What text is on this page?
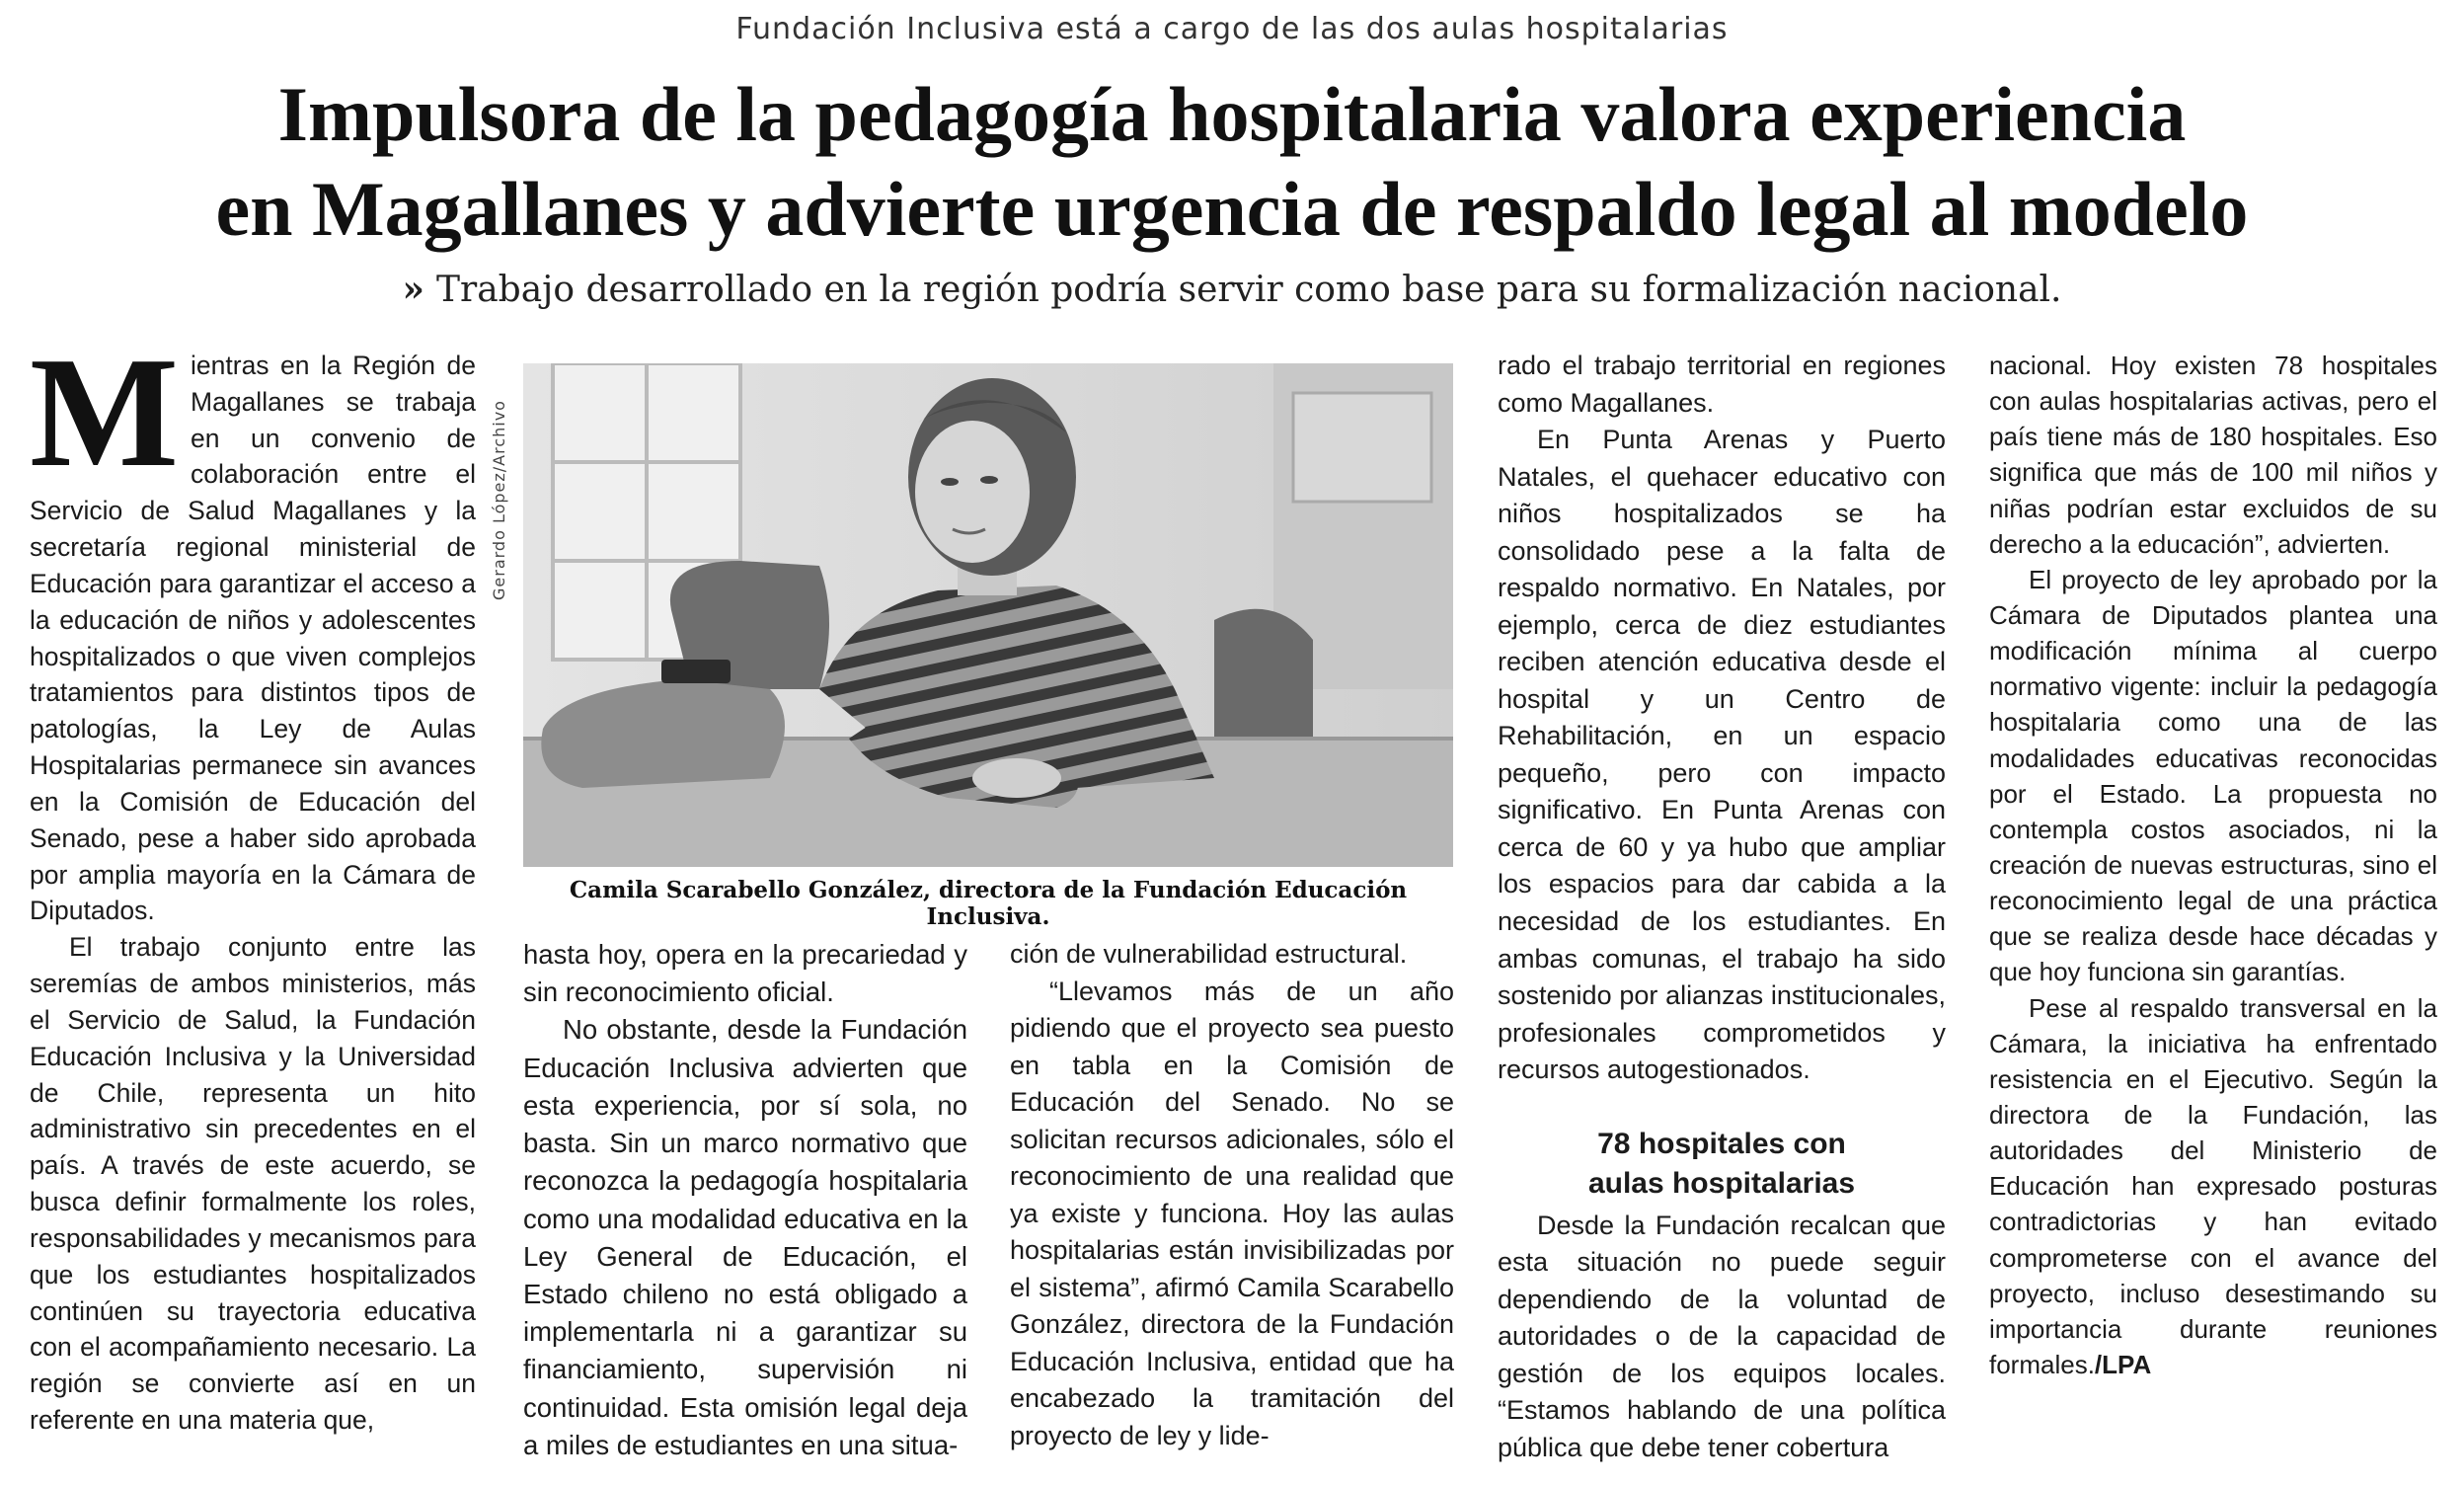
Fundación Inclusiva está a cargo de las dos aulas hospitalarias
Impulsora de la pedagogía hospitalaria valora experiencia
en Magallanes y advierte urgencia de respaldo legal al modelo
» Trabajo desarrollado en la región podría servir como base para su formalización nacional.

Mientras en la Región de Magallanes se trabaja en un convenio de colaboración entre el Servicio de Salud Magallanes y la secretaría regional ministerial de Educación para garantizar el acceso a la educación de niños y adolescentes hospitalizados o que viven complejos tratamientos para distintos tipos de patologías, la Ley de Aulas Hospitalarias permanece sin avances en la Comisión de Educación del Senado, pese a haber sido aprobada por amplia mayoría en la Cámara de Diputados.

El trabajo conjunto entre las seremías de ambos ministerios, más el Servicio de Salud, la Fundación Educación Inclusiva y la Universidad de Chile, representa un hito administrativo sin precedentes en el país. A través de este acuerdo, se busca definir formalmente los roles, responsabilidades y mecanismos para que los estudiantes hospitalizados continúen su trayectoria educativa con el acompañamiento necesario. La región se convierte así en un referente en una materia que,

Gerardo López/Archivo
Camila Scarabello González, directora de la Fundación Educación Inclusiva.

hasta hoy, opera en la precariedad y sin reconocimiento oficial.

No obstante, desde la Fundación Educación Inclusiva advierten que esta experiencia, por sí sola, no basta. Sin un marco normativo que reconozca la pedagogía hospitalaria como una modalidad educativa en la Ley General de Educación, el Estado chileno no está obligado a implementarla ni a garantizar su financiamiento, supervisión ni continuidad. Esta omisión legal deja a miles de estudiantes en una situa-

ción de vulnerabilidad estructural.

“Llevamos más de un año pidiendo que el proyecto sea puesto en tabla en la Comisión de Educación del Senado. No se solicitan recursos adicionales, sólo el reconocimiento de una realidad que ya existe y funciona. Hoy las aulas hospitalarias están invisibilizadas por el sistema”, afirmó Camila Scarabello González, directora de la Fundación Educación Inclusiva, entidad que ha encabezado la tramitación del proyecto de ley y lide-

rado el trabajo territorial en regiones como Magallanes.

En Punta Arenas y Puerto Natales, el quehacer educativo con niños hospitalizados se ha consolidado pese a la falta de respaldo normativo. En Natales, por ejemplo, cerca de diez estudiantes reciben atención educativa desde el hospital y un Centro de Rehabilitación, en un espacio pequeño, pero con impacto significativo. En Punta Arenas con cerca de 60 y ya hubo que ampliar los espacios para dar cabida a la necesidad de los estudiantes. En ambas comunas, el trabajo ha sido sostenido por alianzas institucionales, profesionales comprometidos y recursos autogestionados.

78 hospitales con
aulas hospitalarias

Desde la Fundación recalcan que esta situación no puede seguir dependiendo de la voluntad de autoridades o de la capacidad de gestión de los equipos locales. “Estamos hablando de una política pública que debe tener cobertura

nacional. Hoy existen 78 hospitales con aulas hospitalarias activas, pero el país tiene más de 180 hospitales. Eso significa que más de 100 mil niños y niñas podrían estar excluidos de su derecho a la educación”, advierten.

El proyecto de ley aprobado por la Cámara de Diputados plantea una modificación mínima al cuerpo normativo vigente: incluir la pedagogía hospitalaria como una de las modalidades educativas reconocidas por el Estado. La propuesta no contempla costos asociados, ni la creación de nuevas estructuras, sino el reconocimiento legal de una práctica que se realiza desde hace décadas y que hoy funciona sin garantías.

Pese al respaldo transversal en la Cámara, la iniciativa ha enfrentado resistencia en el Ejecutivo. Según la directora de la Fundación, las autoridades del Ministerio de Educación han expresado posturas contradictorias y han evitado comprometerse con el avance del proyecto, incluso desestimando su importancia durante reuniones formales./LPA
